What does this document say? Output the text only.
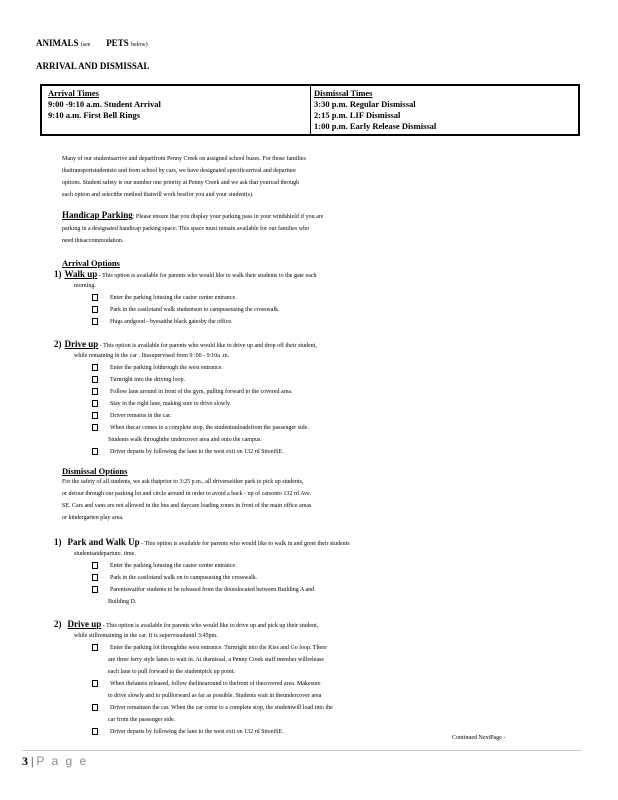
ANIMALS (see PETS below)
ARRIVAL AND DISMISSAL
Arrival Times
9:00 -9:10 a.m. Student Arrival
9:10 a.m. First Bell Rings
Dismissal Times
3:30 p.m. Regular Dismissal
2:15 p.m. LIF Dismissal
1:00 p.m. Early Release Dismissal
Many of our studentsarrive and departfrom Penny Creek on assigned school buses. For those families
thattransportstudentsto and from school by cars, we have designated specificarrival and departure
options. Student safety is our number one priority at Penny Creek and we ask that yourcad through
each option and selectthe method thatwill work bestfor you and your student(s).
Handicap Parking: Please ensure that you display your parking pass in your windshield if you are
parking in a designated handicap parking space. This space must remain available for our families who
need thisaccommodation.
Arrival Options
1) Walk up - This option is available for parents who would like to walk their students to the gate each
morning.
Enter the parking lotusing the castor center entrance.
Park in the castlotand walk studentson to campuseusing the crosswalk.
Hugs andgood - byesatthe black gatesby the office.
2) Drive up - This option is available for parents who would like to drive up and drop off their student,
while remaining in the car . Itissupervised from 9 :00 - 9:10a .m.
Enter the parking lotthrough the west entrance.
Turnright into the driving loop.
Follow lane around in front of the gym, pulling forward to the covered area.
Stay in the right lane, making sure to drive slowly.
Driver remains in the car.
When thecar comes to a complete stop, the studentunloadsfrom the passenger side.
Students walk throughthe undercover area and onto the campus.
Driver departs by following the lane to the west exit on 132 rd StreetSE.
Dismissal Options
For the safety of all students, we ask thatprior to 3:25 p.m., all driverseither park to pick up students,
or detour through our parking lot and circle around in order to avoid a back - up of carsonto 132 rd Ave.
SE. Cars and vans are not allowed in the bus and daycare loading zones in front of the main office areas
or kindergarten play area.
1) Park and Walk Up - This option is available for parents who would like to walk in and greet their students
studentsatdeparture. time.
Enter the parking lotusing the castor center entrance.
Park in the castlotand walk on to campususing the crosswalk.
Parentswaitfor students to be released from the doorslocated between Building A and
Building D.
2) Drive up - This option is available for parents who would like to drive up and pick up their student,
while stillremaining in the car. It is supervisuduntil 3:45pm.
Enter the parking lot throughthe west entrance. Turnright into the Kiss and Go loop. There
are three ferry style lanes to wait in. At dismissal, a Penny Creek staff member willrelease
each lane to pull forward to the studentpick up point.
When thelaneis released, follow thelinearound to thefront of thecovered area. Makesure
to drive slowly and to pullforward as far as possible. Students wait in theundercover area
Driver remainsin the car. When the car come to a complete stop, the studentwill load into the
car from the passenger side.
Driver departs by following the lane to the west exit on 132 rd StreetSE.
Continued NextPage -
3 | P a g e
